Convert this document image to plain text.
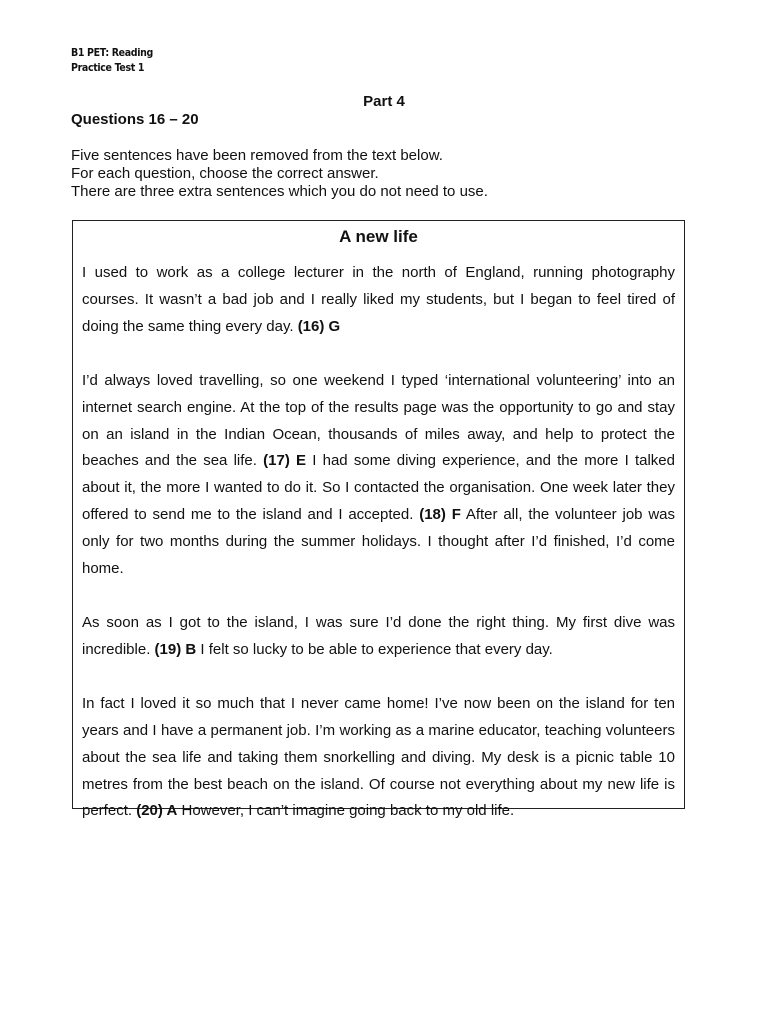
B1 PET: Reading
Practice Test 1
Part 4
Questions 16 – 20
Five sentences have been removed from the text below.
For each question, choose the correct answer.
There are three extra sentences which you do not need to use.
A new life

I used to work as a college lecturer in the north of England, running photography courses. It wasn’t a bad job and I really liked my students, but I began to feel tired of doing the same thing every day. (16) G

I’d always loved travelling, so one weekend I typed ‘international volunteering’ into an internet search engine. At the top of the results page was the opportunity to go and stay on an island in the Indian Ocean, thousands of miles away, and help to protect the beaches and the sea life. (17) E I had some diving experience, and the more I talked about it, the more I wanted to do it. So I contacted the organisation. One week later they offered to send me to the island and I accepted. (18) F After all, the volunteer job was only for two months during the summer holidays. I thought after I’d finished, I’d come home.

As soon as I got to the island, I was sure I’d done the right thing. My first dive was incredible. (19) B I felt so lucky to be able to experience that every day.

In fact I loved it so much that I never came home! I’ve now been on the island for ten years and I have a permanent job. I’m working as a marine educator, teaching volunteers about the sea life and taking them snorkelling and diving. My desk is a picnic table 10 metres from the best beach on the island. Of course not everything about my new life is perfect. (20) A However, I can’t imagine going back to my old life.
